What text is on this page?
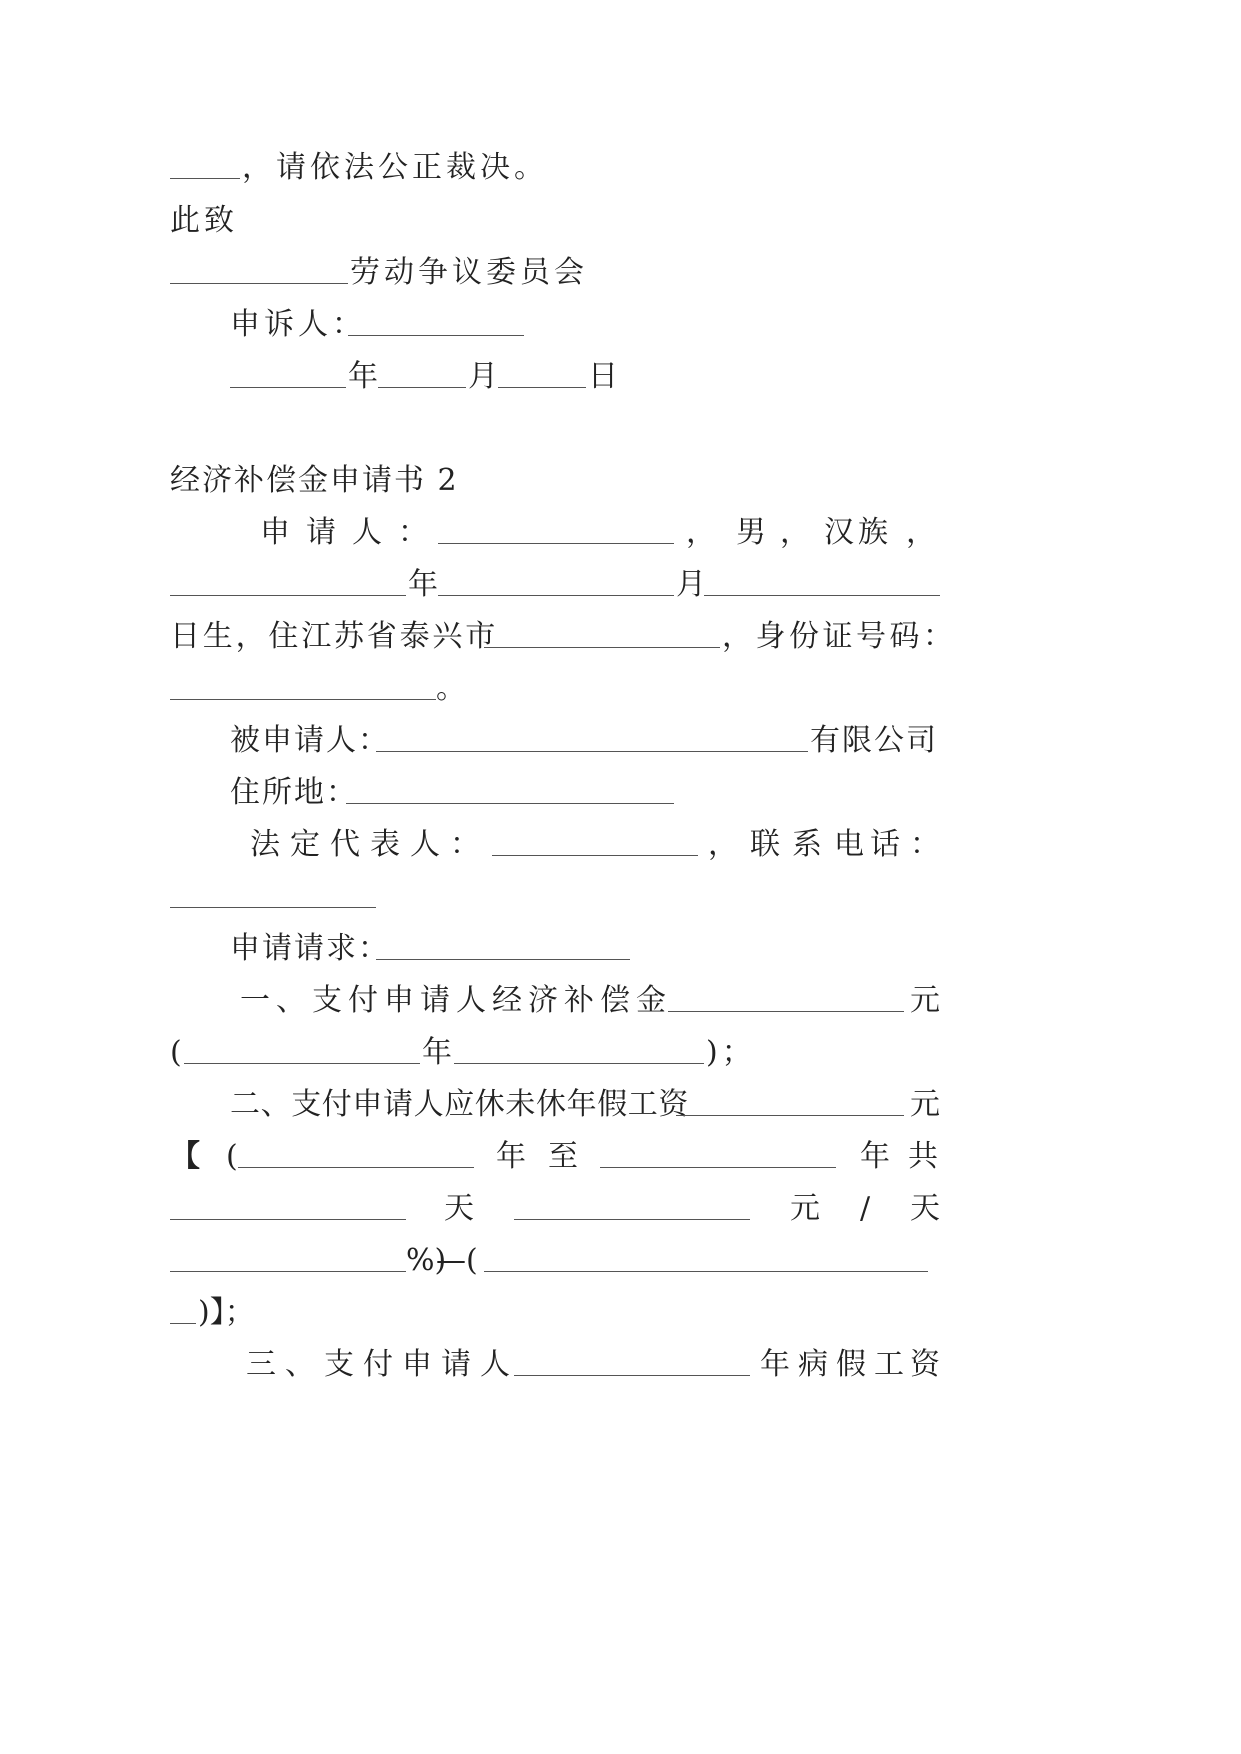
，请依法公正裁决。
此致
劳动争议委员会
申诉人：
年	月	日
经济补偿金申请书 2
申 请 人 ：	， 男 ， 汉 族 ，
年	月
日生，住江苏省泰兴市	，身份证号码：
。
被申请人：	有限公司
住所地：
法 定 代 表 人 ：	， 联 系 电 话 ：
申请请求：
一 、 支 付 申 请 人 经 济 补 偿 金	元
(	年	)；
二、支付申请人应休未休年假工资	元
【 (	年 至	年 共
天	元 / 天
%)
—(
)】；
三 、 支 付 申 请 人	年 病 假 工 资
